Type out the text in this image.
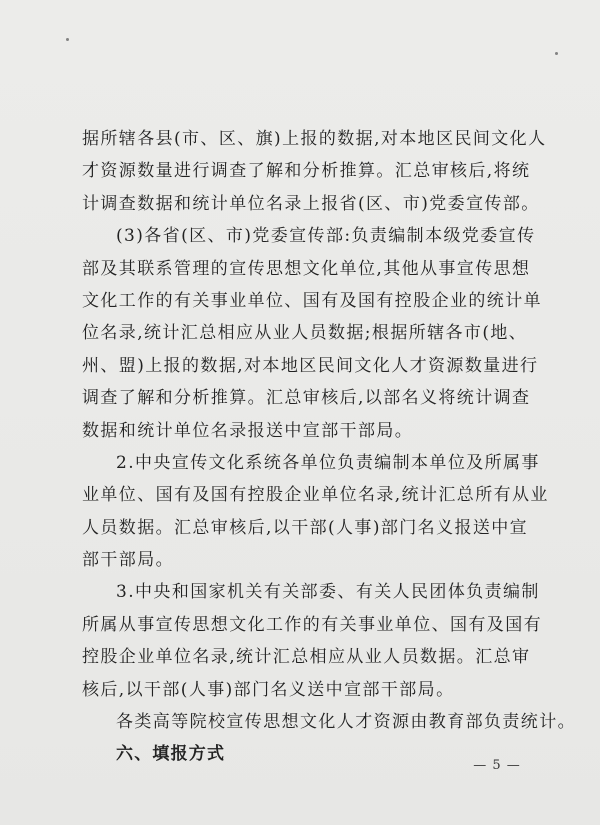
据所辖各县(市、区、旗)上报的数据,对本地区民间文化人
才资源数量进行调查了解和分析推算。汇总审核后,将统
计调查数据和统计单位名录上报省(区、市)党委宣传部。
(3)各省(区、市)党委宣传部:负责编制本级党委宣传
部及其联系管理的宣传思想文化单位,其他从事宣传思想
文化工作的有关事业单位、国有及国有控股企业的统计单
位名录,统计汇总相应从业人员数据;根据所辖各市(地、
州、盟)上报的数据,对本地区民间文化人才资源数量进行
调查了解和分析推算。汇总审核后,以部名义将统计调查
数据和统计单位名录报送中宣部干部局。
2.中央宣传文化系统各单位负责编制本单位及所属事
业单位、国有及国有控股企业单位名录,统计汇总所有从业
人员数据。汇总审核后,以干部(人事)部门名义报送中宣
部干部局。
3.中央和国家机关有关部委、有关人民团体负责编制
所属从事宣传思想文化工作的有关事业单位、国有及国有
控股企业单位名录,统计汇总相应从业人员数据。汇总审
核后,以干部(人事)部门名义送中宣部干部局。
各类高等院校宣传思想文化人才资源由教育部负责统计。
六、填报方式
— 5 —
